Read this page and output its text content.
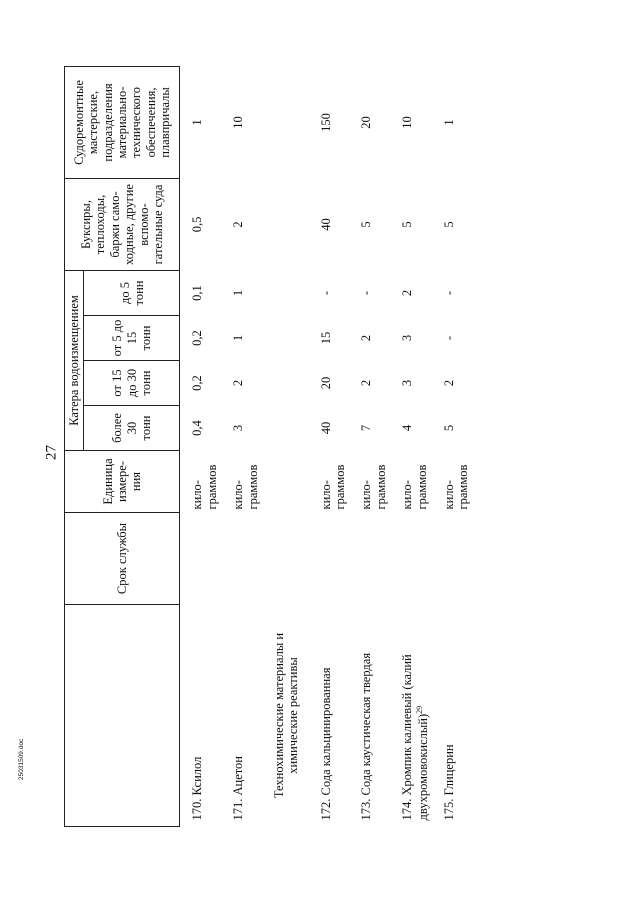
27
25031509.doc
	Срок службы	Единица измере-ния	Катера водоизмещением				Буксиры, теплоходы, баржи само-ходные, другие вспомо-гательные суда	Судоремонтные мастерские, подразделения материально-технического обеспечения, плавпричалы
			более 30 тонн	от 15 до 30 тонн	от 5 до 15 тонн	до 5 тонн		
170. Ксилол		кило-граммов	0,4	0,2	0,2	0,1	0,5	1
171. Ацетон		кило-граммов	3	2	1	1	2	10
Технохимические материалы и химические реактивы								
172. Сода кальцинированная		кило-граммов	40	20	15	-	40	150
173. Сода каустическая твердая		кило-граммов	7	2	2	-	5	20
174. Хромпик калиевый (калий двухромовокислый)$^{29}$		кило-граммов	4	3	3	2	5	10
175. Глицерин		кило-граммов	5	2	-	-	5	1
